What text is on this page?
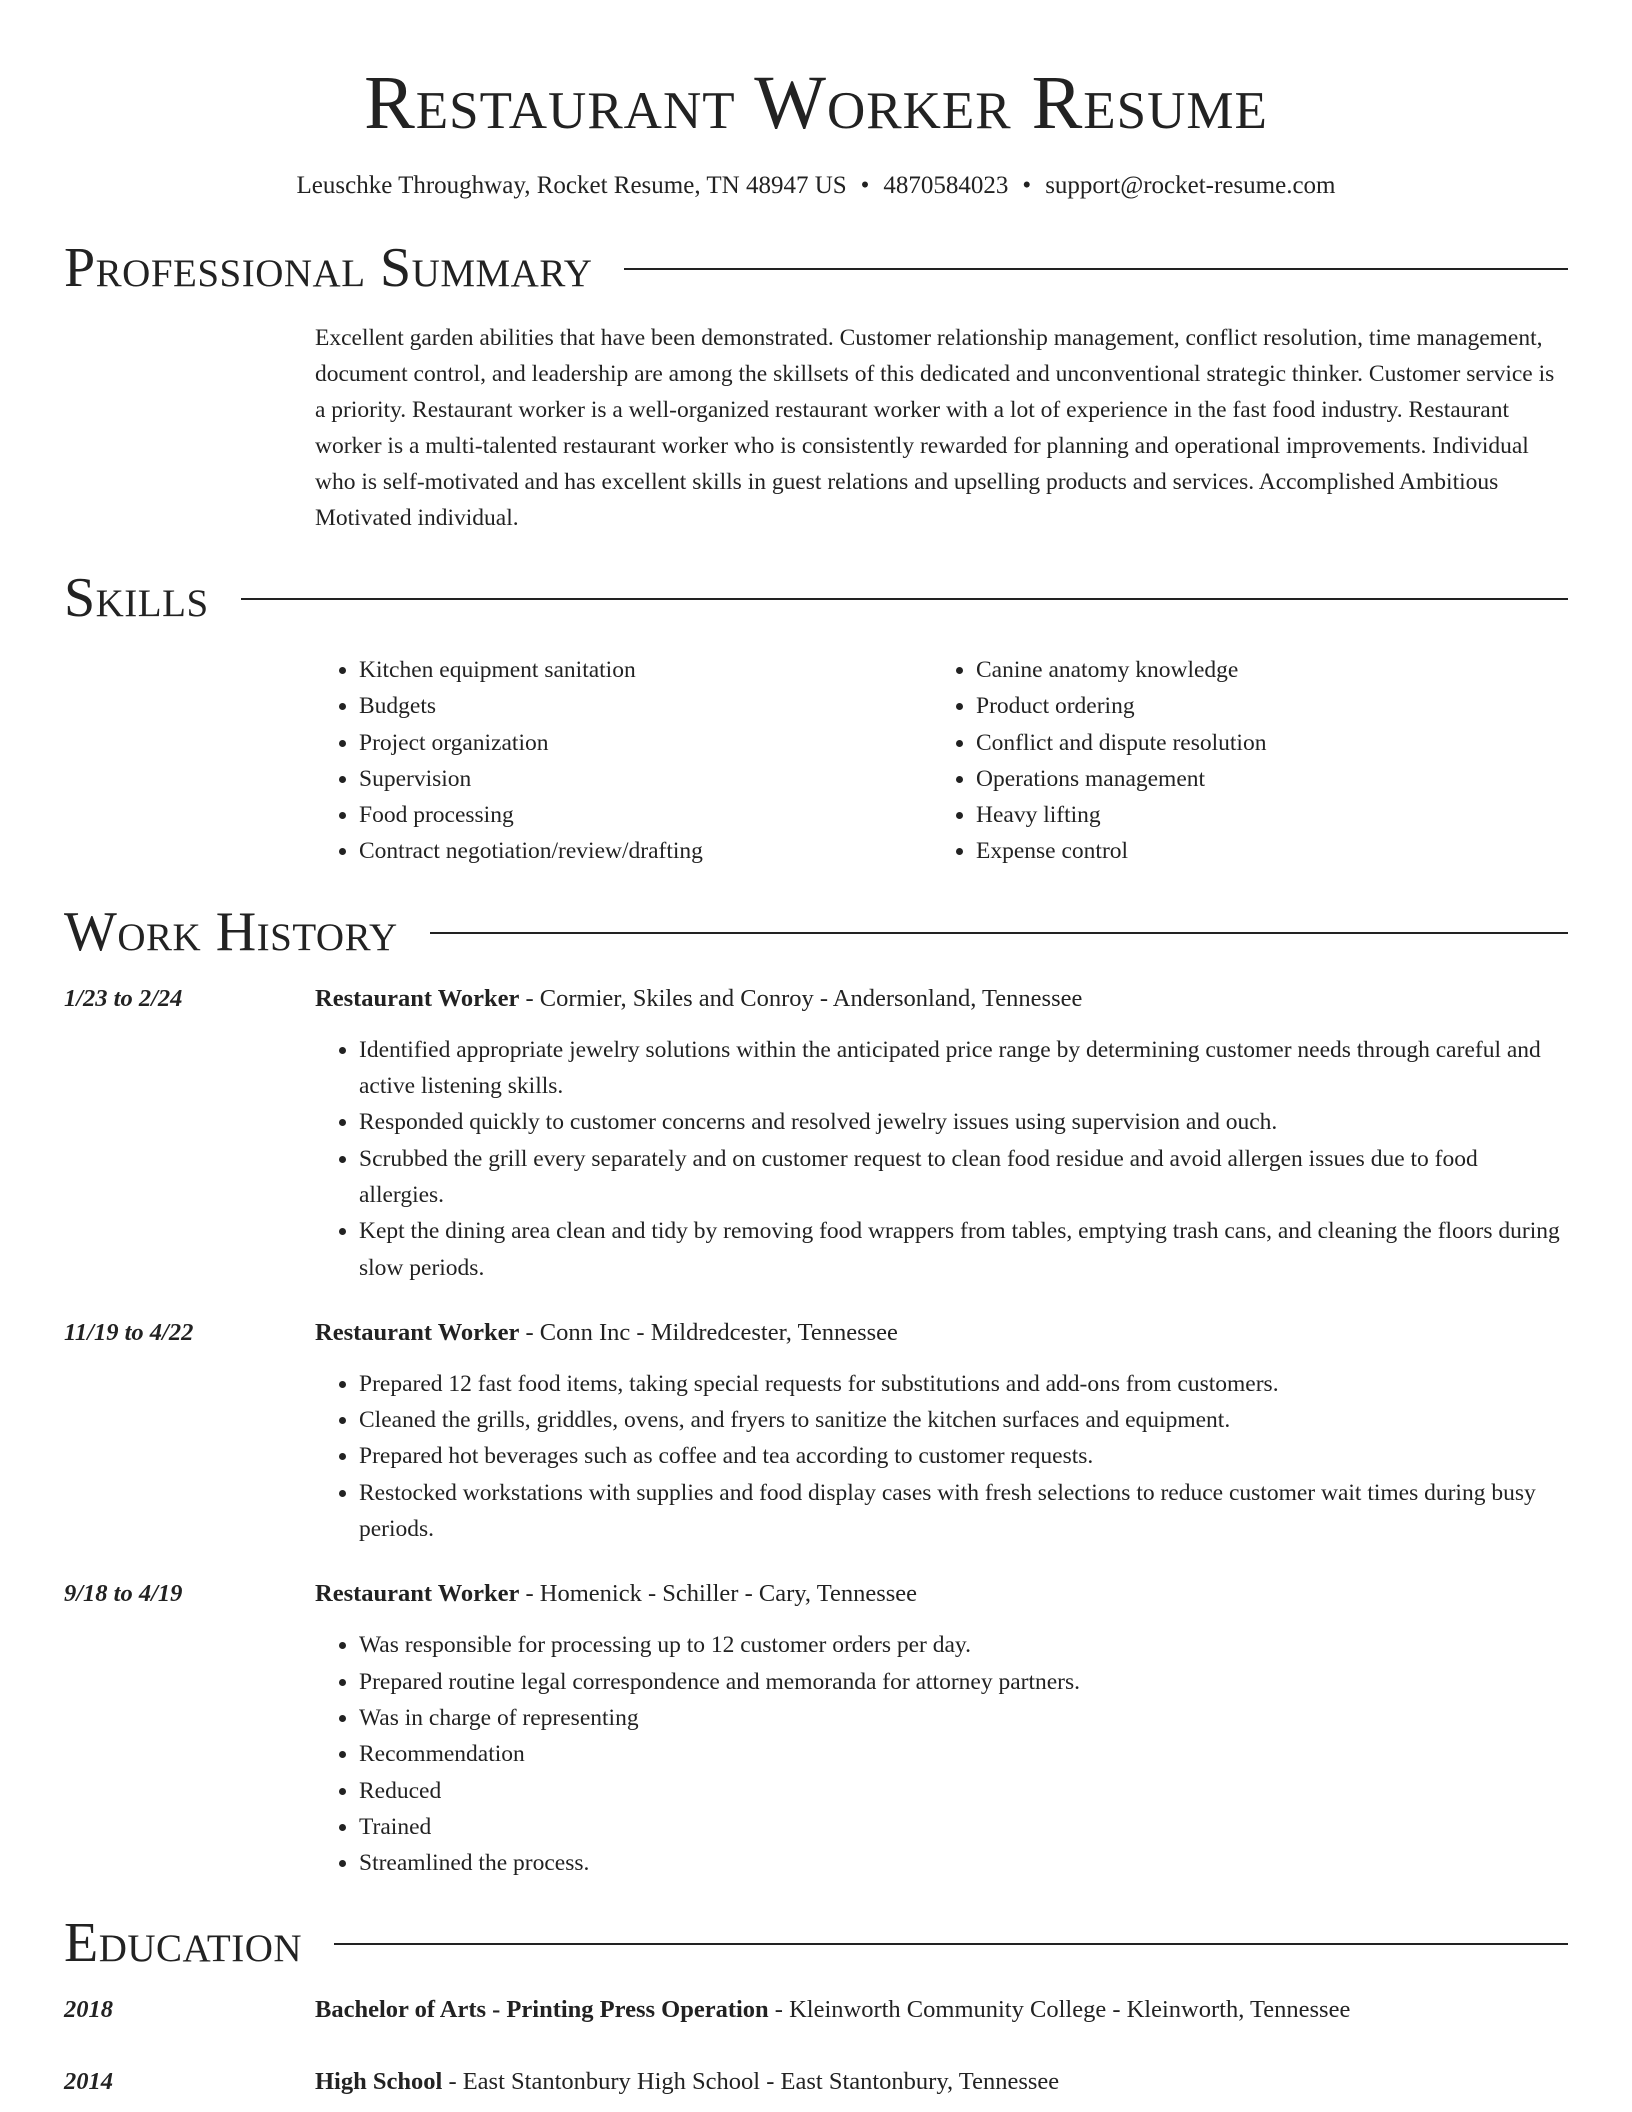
Restaurant Worker Resume
Leuschke Throughway, Rocket Resume, TN 48947 US • 4870584023 • support@rocket-resume.com
Professional Summary
Excellent garden abilities that have been demonstrated. Customer relationship management, conflict resolution, time management, document control, and leadership are among the skillsets of this dedicated and unconventional strategic thinker. Customer service is a priority. Restaurant worker is a well-organized restaurant worker with a lot of experience in the fast food industry. Restaurant worker is a multi-talented restaurant worker who is consistently rewarded for planning and operational improvements. Individual who is self-motivated and has excellent skills in guest relations and upselling products and services. Accomplished Ambitious Motivated individual.
Skills
• Kitchen equipment sanitation
• Budgets
• Project organization
• Supervision
• Food processing
• Contract negotiation/review/drafting
• Canine anatomy knowledge
• Product ordering
• Conflict and dispute resolution
• Operations management
• Heavy lifting
• Expense control
Work History
1/23 to 2/24	Restaurant Worker - Cormier, Skiles and Conroy - Andersonland, Tennessee
• Identified appropriate jewelry solutions within the anticipated price range by determining customer needs through careful and active listening skills.
• Responded quickly to customer concerns and resolved jewelry issues using supervision and ouch.
• Scrubbed the grill every separately and on customer request to clean food residue and avoid allergen issues due to food allergies.
• Kept the dining area clean and tidy by removing food wrappers from tables, emptying trash cans, and cleaning the floors during slow periods.
11/19 to 4/22	Restaurant Worker - Conn Inc - Mildredcester, Tennessee
• Prepared 12 fast food items, taking special requests for substitutions and add-ons from customers.
• Cleaned the grills, griddles, ovens, and fryers to sanitize the kitchen surfaces and equipment.
• Prepared hot beverages such as coffee and tea according to customer requests.
• Restocked workstations with supplies and food display cases with fresh selections to reduce customer wait times during busy periods.
9/18 to 4/19	Restaurant Worker - Homenick - Schiller - Cary, Tennessee
• Was responsible for processing up to 12 customer orders per day.
• Prepared routine legal correspondence and memoranda for attorney partners.
• Was in charge of representing
• Recommendation
• Reduced
• Trained
• Streamlined the process.
Education
2018	Bachelor of Arts - Printing Press Operation - Kleinworth Community College - Kleinworth, Tennessee
2014	High School - East Stantonbury High School - East Stantonbury, Tennessee
